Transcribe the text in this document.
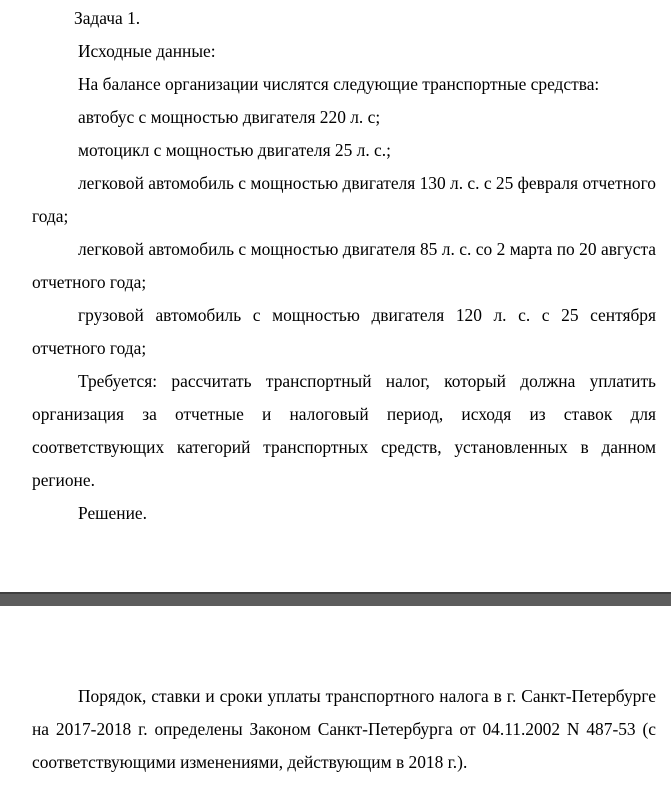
Задача 1.

Исходные данные:

На балансе организации числятся следующие транспортные средства:

автобус с мощностью двигателя 220 л. с;

мотоцикл с мощностью двигателя 25 л. с.;

легковой автомобиль с мощностью двигателя 130 л. с. с 25 февраля отчетного года;

легковой автомобиль с мощностью двигателя 85 л. с. со 2 марта по 20 августа отчетного года;

грузовой автомобиль с мощностью двигателя 120 л. с. с 25 сентября отчетного года;

Требуется: рассчитать транспортный налог, который должна уплатить организация за отчетные и налоговый период, исходя из ставок для соответствующих категорий транспортных средств, установленных в данном регионе.

Решение.

Порядок, ставки и сроки уплаты транспортного налога в г. Санкт-Петербурге на 2017-2018 г. определены Законом Санкт-Петербурга от 04.11.2002 N 487-53 (с соответствующими изменениями, действующим в 2018 г.).
